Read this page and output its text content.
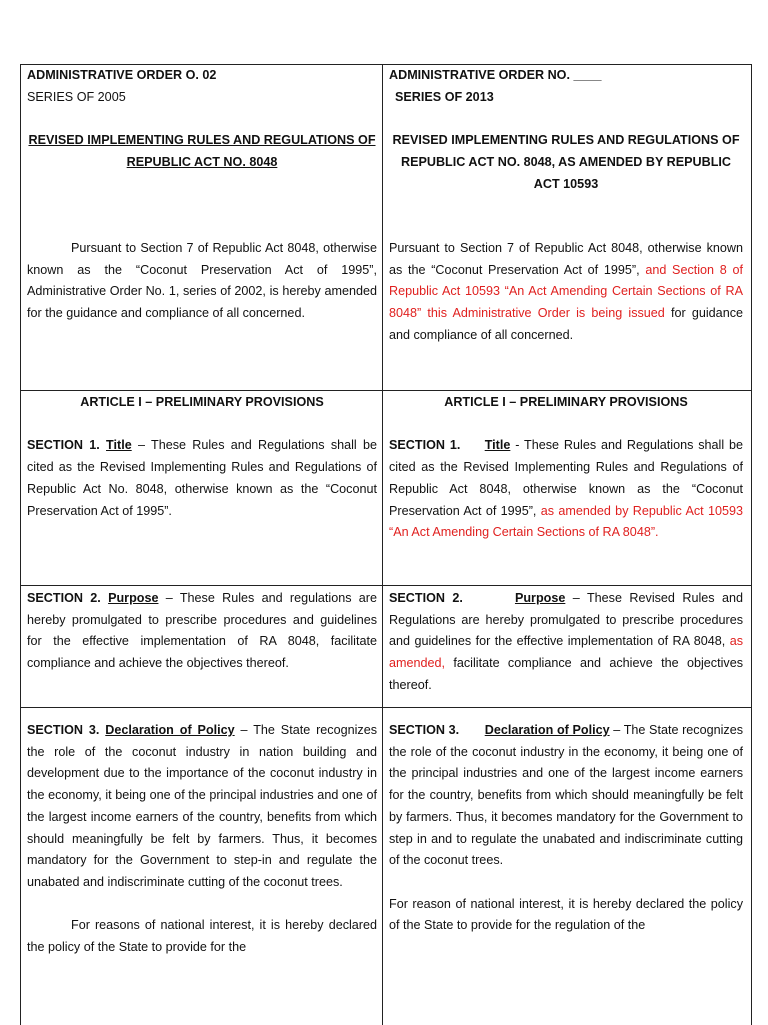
ADMINISTRATIVE ORDER O. 02

SERIES OF 2005

REVISED IMPLEMENTING RULES AND REGULATIONS OF REPUBLIC ACT NO. 8048

Pursuant to Section 7 of Republic Act 8048, otherwise known as the “Coconut Preservation Act of 1995”, Administrative Order No. 1, series of 2002, is hereby amended for the guidance and compliance of all concerned.

ADMINISTRATIVE ORDER NO. ____

SERIES OF 2013

REVISED IMPLEMENTING RULES AND REGULATIONS OF REPUBLIC ACT NO. 8048, AS AMENDED BY REPUBLIC ACT 10593

Pursuant to Section 7 of Republic Act 8048, otherwise known as the “Coconut Preservation Act of 1995”, and Section 8 of Republic Act 10593 “An Act Amending Certain Sections of RA 8048” this Administrative Order is being issued for guidance and compliance of all concerned.

ARTICLE I – PRELIMINARY PROVISIONS

SECTION 1. Title – These Rules and Regulations shall be cited as the Revised Implementing Rules and Regulations of Republic Act No. 8048, otherwise known as the “Coconut Preservation Act of 1995”.

ARTICLE I – PRELIMINARY PROVISIONS

SECTION 1. Title - These Rules and Regulations shall be cited as the Revised Implementing Rules and Regulations of Republic Act 8048, otherwise known as the “Coconut Preservation Act of 1995”, as amended by Republic Act 10593 “An Act Amending Certain Sections of RA 8048”.

SECTION 2. Purpose – These Rules and regulations are hereby promulgated to prescribe procedures and guidelines for the effective implementation of RA 8048, facilitate compliance and achieve the objectives thereof.
SECTION 2.	Purpose – These Revised Rules and Regulations are hereby promulgated to prescribe procedures and guidelines for the effective implementation of RA 8048, as amended, facilitate compliance and achieve the objectives thereof.

SECTION 3. Declaration of Policy – The State recognizes the role of the coconut industry in nation building and development due to the importance of the coconut industry in the economy, it being one of the principal industries and one of the largest income earners of the country, benefits from which should meaningfully be felt by farmers. Thus, it becomes mandatory for the Government to step-in and regulate the unabated and indiscriminate cutting of the coconut trees.

For reasons of national interest, it is hereby declared the policy of the State to provide for the

SECTION 3. Declaration of Policy – The State recognizes the role of the coconut industry in the economy, it being one of the principal industries and one of the largest income earners for the country, benefits from which should meaningfully be felt by farmers. Thus, it becomes mandatory for the Government to step in and to regulate the unabated and indiscriminate cutting of the coconut trees.

For reason of national interest, it is hereby declared the policy of the State to provide for the regulation of the
